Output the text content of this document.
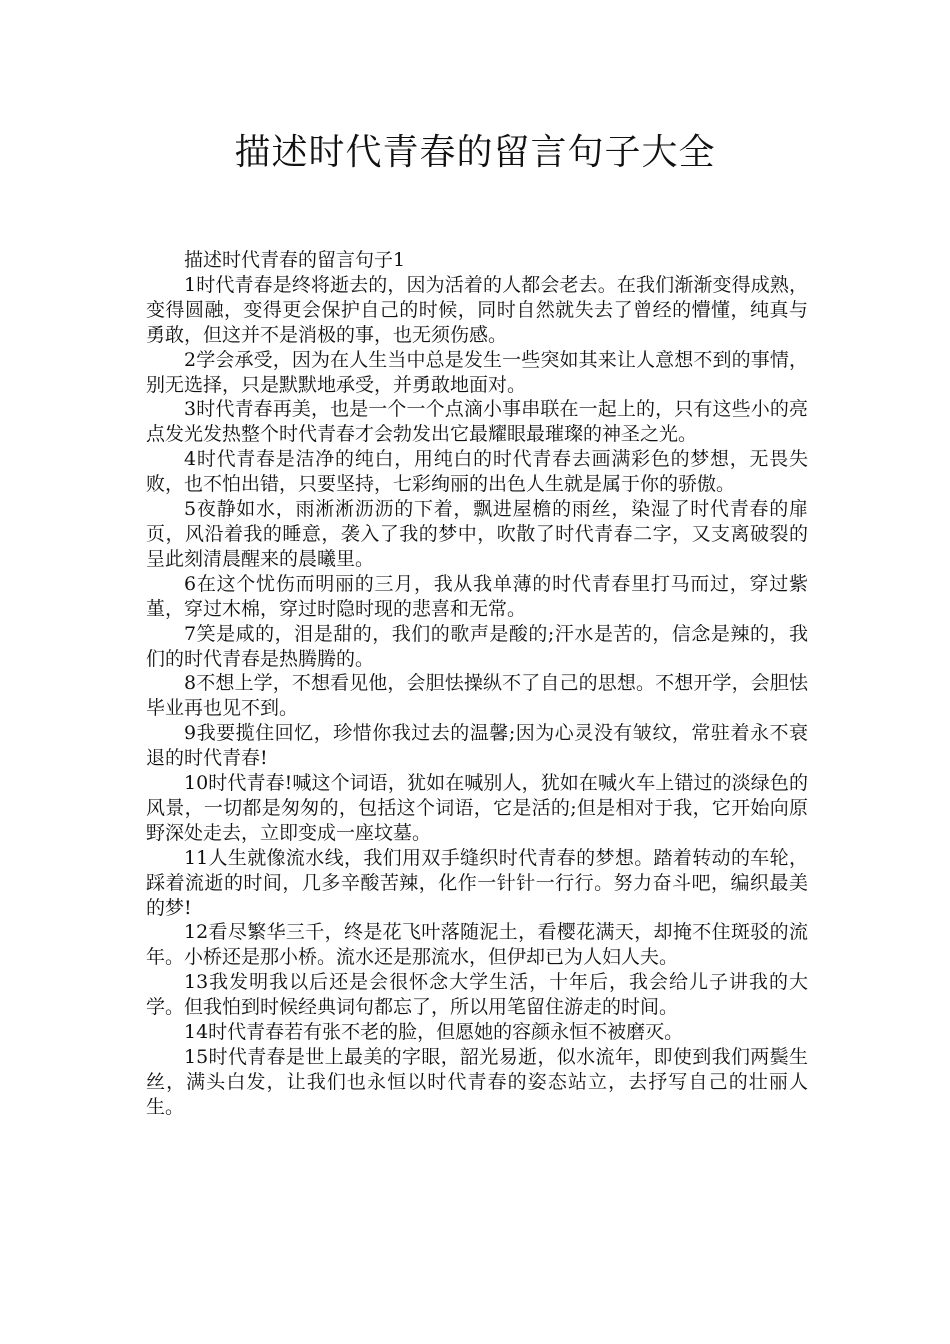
描述时代青春的留言句子大全

描述时代青春的留言句子1

1时代青春是终将逝去的，因为活着的人都会老去。在我们渐渐变得成熟，变得圆融，变得更会保护自己的时候，同时自然就失去了曾经的懵懂，纯真与勇敢，但这并不是消极的事，也无须伤感。

2学会承受，因为在人生当中总是发生一些突如其来让人意想不到的事情，别无选择，只是默默地承受，并勇敢地面对。

3时代青春再美，也是一个一个点滴小事串联在一起上的，只有这些小的亮点发光发热整个时代青春才会勃发出它最耀眼最璀璨的神圣之光。

4时代青春是洁净的纯白，用纯白的时代青春去画满彩色的梦想，无畏失败，也不怕出错，只要坚持，七彩绚丽的出色人生就是属于你的骄傲。

5夜静如水，雨淅淅沥沥的下着，飘进屋檐的雨丝，染湿了时代青春的扉页，风沿着我的睡意，袭入了我的梦中，吹散了时代青春二字，又支离破裂的呈此刻清晨醒来的晨曦里。

6在这个忧伤而明丽的三月，我从我单薄的时代青春里打马而过，穿过紫堇，穿过木棉，穿过时隐时现的悲喜和无常。

7笑是咸的，泪是甜的，我们的歌声是酸的;汗水是苦的，信念是辣的，我们的时代青春是热腾腾的。

8不想上学，不想看见他，会胆怯操纵不了自己的思想。不想开学，会胆怯毕业再也见不到。

9我要揽住回忆，珍惜你我过去的温馨;因为心灵没有皱纹，常驻着永不衰退的时代青春!

10时代青春!喊这个词语，犹如在喊别人，犹如在喊火车上错过的淡绿色的风景，一切都是匆匆的，包括这个词语，它是活的;但是相对于我，它开始向原野深处走去，立即变成一座坟墓。

11人生就像流水线，我们用双手缝织时代青春的梦想。踏着转动的车轮，踩着流逝的时间，几多辛酸苦辣，化作一针针一行行。努力奋斗吧，编织最美的梦!

12看尽繁华三千，终是花飞叶落随泥土，看樱花满天，却掩不住斑驳的流年。小桥还是那小桥。流水还是那流水，但伊却已为人妇人夫。

13我发明我以后还是会很怀念大学生活，十年后，我会给儿子讲我的大学。但我怕到时候经典词句都忘了，所以用笔留住游走的时间。

14时代青春若有张不老的脸，但愿她的容颜永恒不被磨灭。

15时代青春是世上最美的字眼，韶光易逝，似水流年，即使到我们两鬓生丝，满头白发，让我们也永恒以时代青春的姿态站立，去抒写自己的壮丽人生。
